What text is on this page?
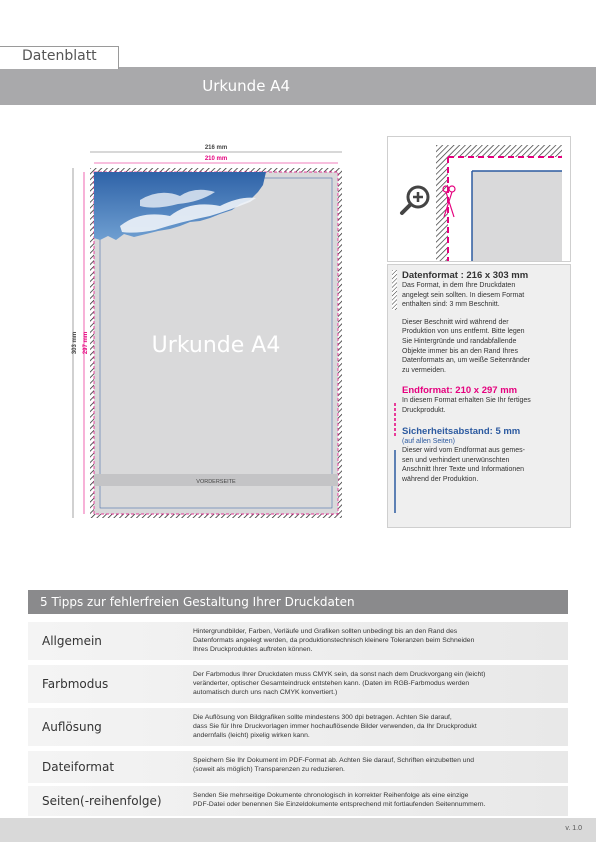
Datenblatt
Urkunde A4
216 mm
210 mm
303 mm 297 mm	Urkunde A4
VORDERSEITE
Datenformat : 216 x 303 mm
Das Format, in dem Ihre Druckdaten
angelegt sein sollten. In diesem Format
enthalten sind: 3 mm Beschnitt.
Dieser Beschnitt wird während der
Produktion von uns entfernt. Bitte legen
Sie Hintergründe und randabfallende
Objekte immer bis an den Rand Ihres
Datenformats an, um weiße Seitenränder
zu vermeiden.
Endformat: 210 x 297 mm
In diesem Format erhalten Sie Ihr fertiges
Druckprodukt.
Sicherheitsabstand: 5 mm
(auf allen Seiten)
Dieser wird vom Endformat aus gemes-
sen und verhindert unerwünschten
Anschnitt Ihrer Texte und Informationen
während der Produktion.
5 Tipps zur fehlerfreien Gestaltung Ihrer Druckdaten
Allgemein
Hintergrundbilder, Farben, Verläufe und Grafiken sollten unbedingt bis an den Rand des
Datenformats angelegt werden, da produktionstechnisch kleinere Toleranzen beim Schneiden
Ihres Druckproduktes auftreten können.
Farbmodus
Der Farbmodus Ihrer Druckdaten muss CMYK sein, da sonst nach dem Druckvorgang ein (leicht)
veränderter, optischer Gesamteindruck entstehen kann. (Daten im RGB-Farbmodus werden
automatisch durch uns nach CMYK konvertiert.)
Auflösung
Die Auflösung von Bildgrafiken sollte mindestens 300 dpi betragen. Achten Sie darauf,
dass Sie für Ihre Druckvorlagen immer hochauflösende Bilder verwenden, da Ihr Druckprodukt
andernfalls (leicht) pixelig wirken kann.
Dateiformat	Speichern Sie Ihr Dokument im PDF-Format ab. Achten Sie darauf, Schriften einzubetten und
(soweit als möglich) Transparenzen zu reduzieren.
Seiten(-reihenfolge)	Senden Sie mehrseitige Dokumente chronologisch in korrekter Reihenfolge als eine einzige
PDF-Datei oder benennen Sie Einzeldokumente entsprechend mit fortlaufenden Seitennummern.
v. 1.0
